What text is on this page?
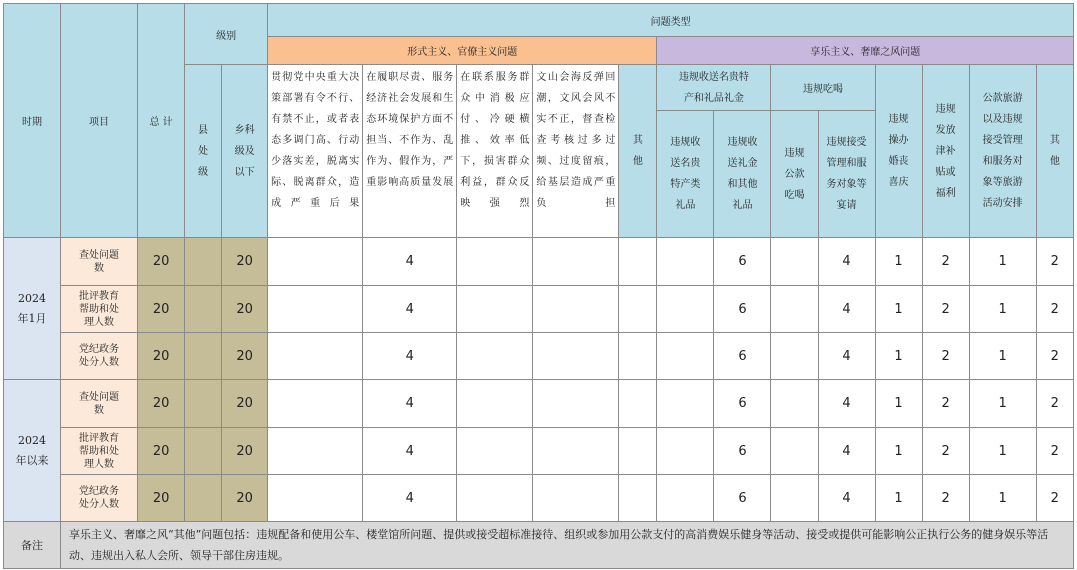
时期	项目	总 计	级别		问题类型												
					形式主义、官僚主义问题					享乐主义、奢靡之风问题							

			县处级	乡科级及以下	贯彻党中央重大决策部署有令不行、有禁不止，或者表态多调门高、行动少落实差，脱离实际、脱离群众，造成严重后果	在履职尽责、服务经济社会发展和生态环境保护方面不担当、不作为、乱作为、假作为，严重影响高质量发展	在联系服务群众中消极应付、冷硬横推、效率低下，损害群众利益，群众反映强烈	文山会海反弹回潮，文风会风不实不正，督查检查考核过多过频、过度留痕，给基层造成严重负担	其他	违规收送名贵特产和礼品礼金		违规吃喝		违规操办婚丧喜庆	违规发放津补贴或福利	公款旅游以及违规接受管理和服务对象等旅游活动安排	其他

										违规收送名贵特产类礼品	违规收送礼金和其他礼品	违规公款吃喝	违规接受管理和服务对象等宴请				

2024年1月	查处问题数	20		20		4					6		4	1	2	1	2

	批评教育帮助和处理人数	20		20		4					6		4	1	2	1	2

	党纪政务处分人数	20		20		4					6		4	1	2	1	2

2024年以来	查处问题数	20		20		4					6		4	1	2	1	2

	批评教育帮助和处理人数	20		20		4					6		4	1	2	1	2

	党纪政务处分人数	20		20		4					6		4	1	2	1	2
备注	享乐主义、奢靡之风“其他”问题包括：违规配备和使用公车、楼堂馆所问题、提供或接受超标准接待、组织或参加用公款支付的高消费娱乐健身等活动、接受或提供可能影响公正执行公务的健身娱乐等活动、违规出入私人会所、领导干部住房违规。																
